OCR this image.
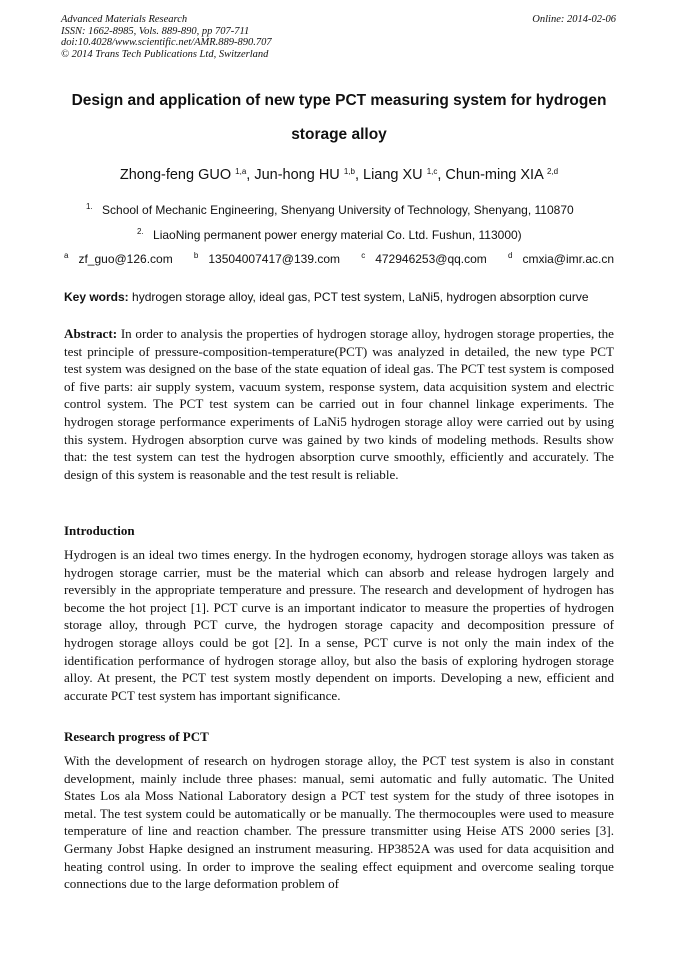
Advanced Materials Research
ISSN: 1662-8985, Vols. 889-890, pp 707-711
doi:10.4028/www.scientific.net/AMR.889-890.707
© 2014 Trans Tech Publications Ltd, Switzerland
Online: 2014-02-06
Design and application of new type PCT measuring system for hydrogen
storage alloy
Zhong-feng GUO $^{1,a}$, Jun-hong HU $^{1,b}$, Liang XU $^{1,c}$, Chun-ming XIA $^{2,d}$
$^{1.}$ School of Mechanic Engineering, Shenyang University of Technology, Shenyang, 110870
$^{2.}$ LiaoNing permanent power energy material Co. Ltd. Fushun, 113000)
$^a$ zf_guo@126.com	$^b$ 13504007417@139.com	$^c$ 472946253@qq.com	$^d$ cmxia@imr.ac.cn
Key words: hydrogen storage alloy, ideal gas, PCT test system, LaNi5, hydrogen absorption curve

Abstract: In order to analysis the properties of hydrogen storage alloy, hydrogen storage properties, the test principle of pressure-composition-temperature(PCT) was analyzed in detailed, the new type PCT test system was designed on the base of the state equation of ideal gas. The PCT test system is composed of five parts: air supply system, vacuum system, response system, data acquisition system and electric control system. The PCT test system can be carried out in four channel linkage experiments. The hydrogen storage performance experiments of LaNi5 hydrogen storage alloy were carried out by using this system. Hydrogen absorption curve was gained by two kinds of modeling methods. Results show that: the test system can test the hydrogen absorption curve smoothly, efficiently and accurately. The design of this system is reasonable and the test result is reliable.

Introduction

Hydrogen is an ideal two times energy. In the hydrogen economy, hydrogen storage alloys was taken as hydrogen storage carrier, must be the material which can absorb and release hydrogen largely and reversibly in the appropriate temperature and pressure. The research and development of hydrogen has become the hot project [1]. PCT curve is an important indicator to measure the properties of hydrogen storage alloy, through PCT curve, the hydrogen storage capacity and decomposition pressure of hydrogen storage alloys could be got [2]. In a sense, PCT curve is not only the main index of the identification performance of hydrogen storage alloy, but also the basis of exploring hydrogen storage alloy. At present, the PCT test system mostly dependent on imports. Developing a new, efficient and accurate PCT test system has important significance.

Research progress of PCT

With the development of research on hydrogen storage alloy, the PCT test system is also in constant development, mainly include three phases: manual, semi automatic and fully automatic. The United States Los ala Moss National Laboratory design a PCT test system for the study of three isotopes in metal. The test system could be automatically or be manually. The thermocouples were used to measure temperature of line and reaction chamber. The pressure transmitter using Heise ATS 2000 series [3]. Germany Jobst Hapke designed an instrument measuring. HP3852A was used for data acquisition and heating control using. In order to improve the sealing effect equipment and overcome sealing torque connections due to the large deformation problem of
